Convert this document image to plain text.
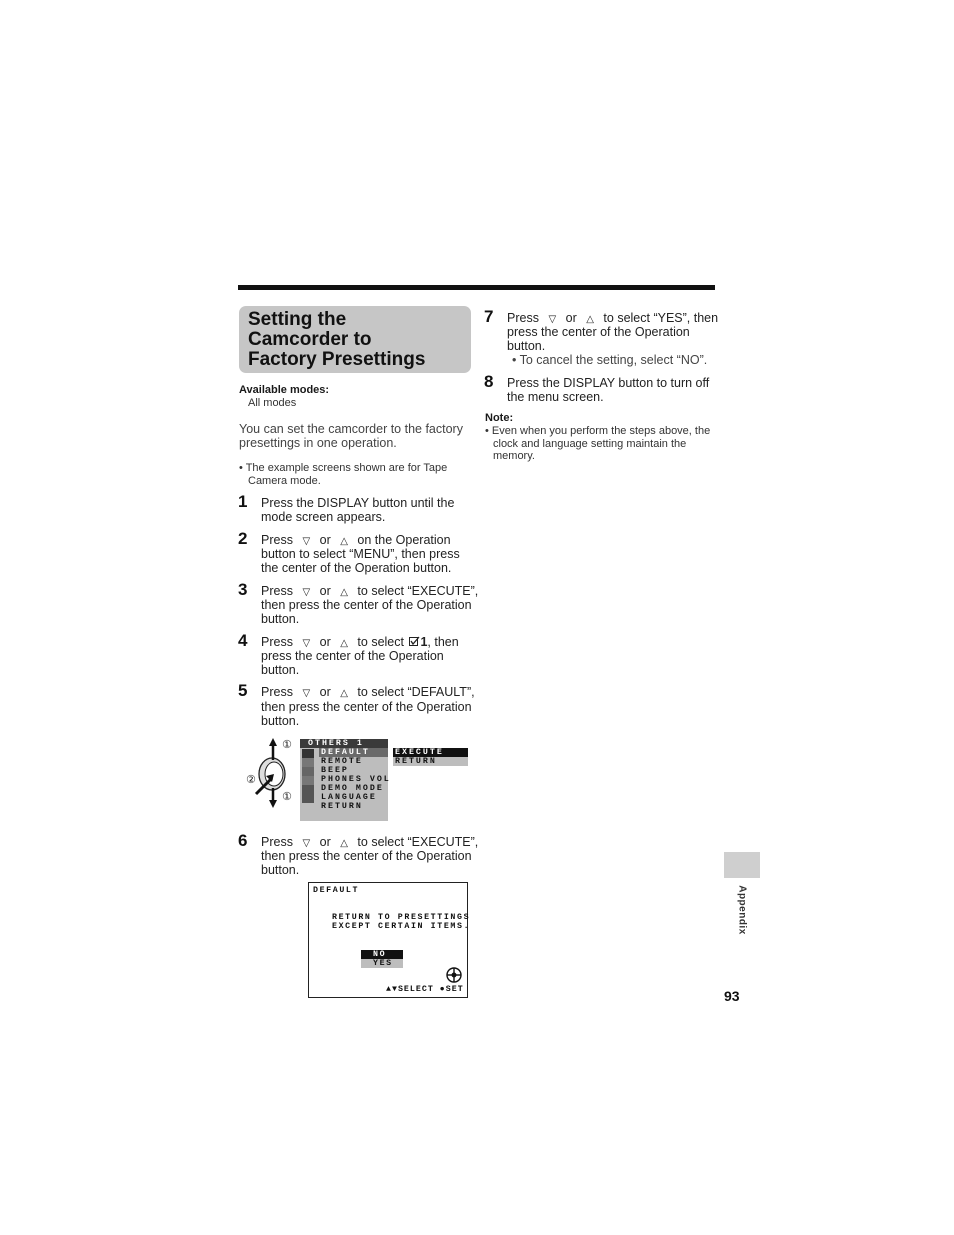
Setting the
Camcorder to
Factory Presettings
Available modes:
All modes
You can set the camcorder to the factory
presettings in one operation.
• The example screens shown are for Tape
Camera mode.
1 Press the DISPLAY button until the
mode screen appears.
2 Press ▽ or △ on the Operation
button to select “MENU”, then press
the center of the Operation button.
3 Press ▽ or △ to select “EXECUTE”,
then press the center of the Operation
button.
4 Press ▽ or △ to select 1, then
press the center of the Operation
button.
5 Press ▽ or △ to select “DEFAULT”,
then press the center of the Operation
button.
①
②
①
OTHERS 1
DEFAULT
REMOTE
BEEP
PHONES VOL
DEMO MODE
LANGUAGE
RETURN
EXECUTE
RETURN
6 Press ▽ or △ to select “EXECUTE”,
then press the center of the Operation
button.
DEFAULT
RETURN TO PRESETTINGS
EXCEPT CERTAIN ITEMS.
NO
YES
▲▼SELECT ●SET
7 Press ▽ or △ to select “YES”, then
press the center of the Operation
button.
• To cancel the setting, select “NO”.
8 Press the DISPLAY button to turn off
the menu screen.
Note:
• Even when you perform the steps above, the
clock and language setting maintain the
memory.
Appendix
93
